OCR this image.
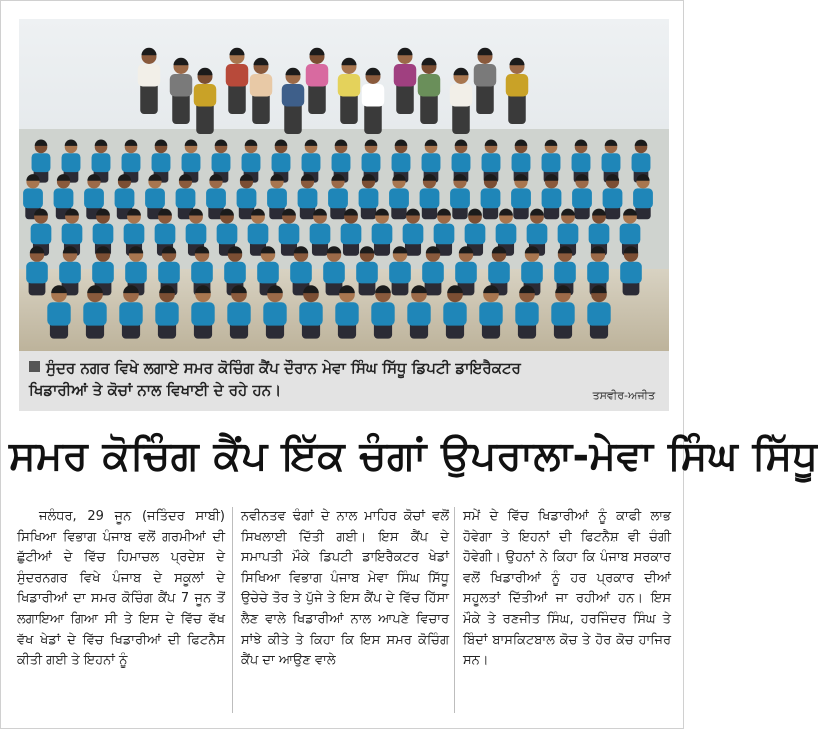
ਸੁੰਦਰ ਨਗਰ ਵਿਖੇ ਲਗਾਏ ਸਮਰ ਕੋਚਿੰਗ ਕੈਂਪ ਦੌਰਾਨ ਮੇਵਾ ਸਿੰਘ ਸਿੱਧੂ ਡਿਪਟੀ ਡਾਇਰੈਕਟਰ
ਖਿਡਾਰੀਆਂ ਤੇ ਕੋਚਾਂ ਨਾਲ ਵਿਖਾਈ ਦੇ ਰਹੇ ਹਨ।	ਤਸਵੀਰ-ਅਜੀਤ
ਸਮਰ ਕੋਚਿੰਗ ਕੈਂਪ ਇੱਕ ਚੰਗਾਂ ਉਪਰਾਲਾ-ਮੇਵਾ ਸਿੰਘ ਸਿੱਧੂ

ਜਲੰਧਰ, 29 ਜੂਨ (ਜਤਿੰਦਰ ਸਾਬੀ) ਸਿਖਿਆ ਵਿਭਾਗ ਪੰਜਾਬ ਵਲੋਂ ਗਰਮੀਆਂ ਦੀ ਛੁੱਟੀਆਂ ਦੇ ਵਿੱਚ ਹਿਮਾਚਲ ਪ੍ਰਦੇਸ਼ ਦੇ ਸੁੰਦਰਨਗਰ ਵਿਖੇ ਪੰਜਾਬ ਦੇ ਸਕੂਲਾਂ ਦੇ ਖਿਡਾਰੀਆਂ ਦਾ ਸਮਰ ਕੋਚਿੰਗ ਕੈਂਪ 7 ਜੂਨ ਤੋਂ ਲਗਾਇਆ ਗਿਆ ਸੀ ਤੇ ਇਸ ਦੇ ਵਿੱਚ ਵੱਖ ਵੱਖ ਖੇਡਾਂ ਦੇ ਵਿੱਚ ਖਿਡਾਰੀਆਂ ਦੀ ਫਿਟਨੈਸ ਕੀਤੀ ਗਈ ਤੇ ਇਹਨਾਂ ਨੂੰ

ਨਵੀਨਤਵ ਢੰਗਾਂ ਦੇ ਨਾਲ ਮਾਹਿਰ ਕੋਚਾਂ ਵਲੋਂ ਸਿਖਲਾਈ ਦਿੱਤੀ ਗਈ। ਇਸ ਕੈਂਪ ਦੇ ਸਮਾਪਤੀ ਮੌਕੇ ਡਿਪਟੀ ਡਾਇਰੈਕਟਰ ਖੇਡਾਂ ਸਿਖਿਆ ਵਿਭਾਗ ਪੰਜਾਬ ਮੇਵਾ ਸਿੰਘ ਸਿੱਧੂ ਉਚੇਚੇ ਤੋਰ ਤੇ ਪੁੱਜੇ ਤੇ ਇਸ ਕੈਂਪ ਦੇ ਵਿੱਚ ਹਿੱਸਾ ਲੈਣ ਵਾਲੇ ਖਿਡਾਰੀਆਂ ਨਾਲ ਆਪਣੇ ਵਿਚਾਰ ਸਾਂਝੇ ਕੀਤੇ ਤੇ ਕਿਹਾ ਕਿ ਇਸ ਸਮਰ ਕੋਚਿੰਗ ਕੈਂਪ ਦਾ ਆਉਣ ਵਾਲੇ

ਸਮੇਂ ਦੇ ਵਿੱਚ ਖਿਡਾਰੀਆਂ ਨੂੰ ਕਾਫੀ ਲਾਭ ਹੋਵੇਗਾ ਤੇ ਇਹਨਾਂ ਦੀ ਫਿਟਨੈਸ਼ ਵੀ ਚੰਗੀ ਹੋਵੇਗੀ। ਉਹਨਾਂ ਨੇ ਕਿਹਾ ਕਿ ਪੰਜਾਬ ਸਰਕਾਰ ਵਲੋਂ ਖਿਡਾਰੀਆਂ ਨੂੰ ਹਰ ਪ੍ਰਕਾਰ ਦੀਆਂ ਸਹੂਲਤਾਂ ਦਿੱਤੀਆਂ ਜਾ ਰਹੀਆਂ ਹਨ। ਇਸ ਮੌਕੇ ਤੇ ਰਣਜੀਤ ਸਿੰਘ, ਹਰਜਿੰਦਰ ਸਿੰਘ ਤੇ ਬਿੰਦਾਂ ਬਾਸਕਿਟਬਾਲ ਕੋਚ ਤੇ ਹੋਰ ਕੋਚ ਹਾਜਿਰ ਸਨ।
